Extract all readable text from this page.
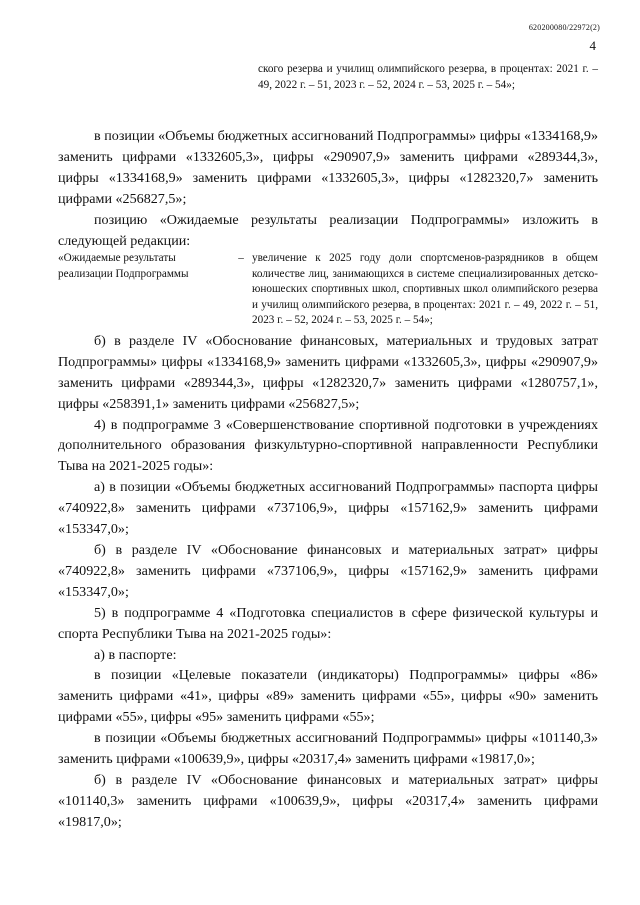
620200080/22972(2)
4

ского резерва и училищ олимпийского резерва, в процентах: 2021 г. – 49, 2022 г. – 51, 2023 г. – 52, 2024 г. – 53, 2025 г. – 54»;

в позиции «Объемы бюджетных ассигнований Подпрограммы» цифры «1334168,9» заменить цифрами «1332605,3», цифры «290907,9» заменить цифрами «289344,3», цифры «1334168,9» заменить цифрами «1332605,3», цифры «1282320,7» заменить цифрами «256827,5»;

позицию «Ожидаемые результаты реализации Подпрограммы» изложить в следующей редакции:

«Ожидаемые результаты реализации Подпрограммы
– увеличение к 2025 году доли спортсменов-разрядников в общем количестве лиц, занимающихся в системе специализированных детско-юношеских спортивных школ, спортивных школ олимпийского резерва и училищ олимпийского резерва, в процентах: 2021 г. – 49, 2022 г. – 51, 2023 г. – 52, 2024 г. – 53, 2025 г. – 54»;

б) в разделе IV «Обоснование финансовых, материальных и трудовых затрат Подпрограммы» цифры «1334168,9» заменить цифрами «1332605,3», цифры «290907,9» заменить цифрами «289344,3», цифры «1282320,7» заменить цифрами «1280757,1», цифры «258391,1» заменить цифрами «256827,5»;

4) в подпрограмме 3 «Совершенствование спортивной подготовки в учреждениях дополнительного образования физкультурно-спортивной направленности Республики Тыва на 2021-2025 годы»:

а) в позиции «Объемы бюджетных ассигнований Подпрограммы» паспорта цифры «740922,8» заменить цифрами «737106,9», цифры «157162,9» заменить цифрами «153347,0»;

б) в разделе IV «Обоснование финансовых и материальных затрат» цифры «740922,8» заменить цифрами «737106,9», цифры «157162,9» заменить цифрами «153347,0»;

5) в подпрограмме 4 «Подготовка специалистов в сфере физической культуры и спорта Республики Тыва на 2021-2025 годы»:

а) в паспорте:

в позиции «Целевые показатели (индикаторы) Подпрограммы» цифры «86» заменить цифрами «41», цифры «89» заменить цифрами «55», цифры «90» заменить цифрами «55», цифры «95» заменить цифрами «55»;

в позиции «Объемы бюджетных ассигнований Подпрограммы» цифры «101140,3» заменить цифрами «100639,9», цифры «20317,4» заменить цифрами «19817,0»;

б) в разделе IV «Обоснование финансовых и материальных затрат» цифры «101140,3» заменить цифрами «100639,9», цифры «20317,4» заменить цифрами «19817,0»;
